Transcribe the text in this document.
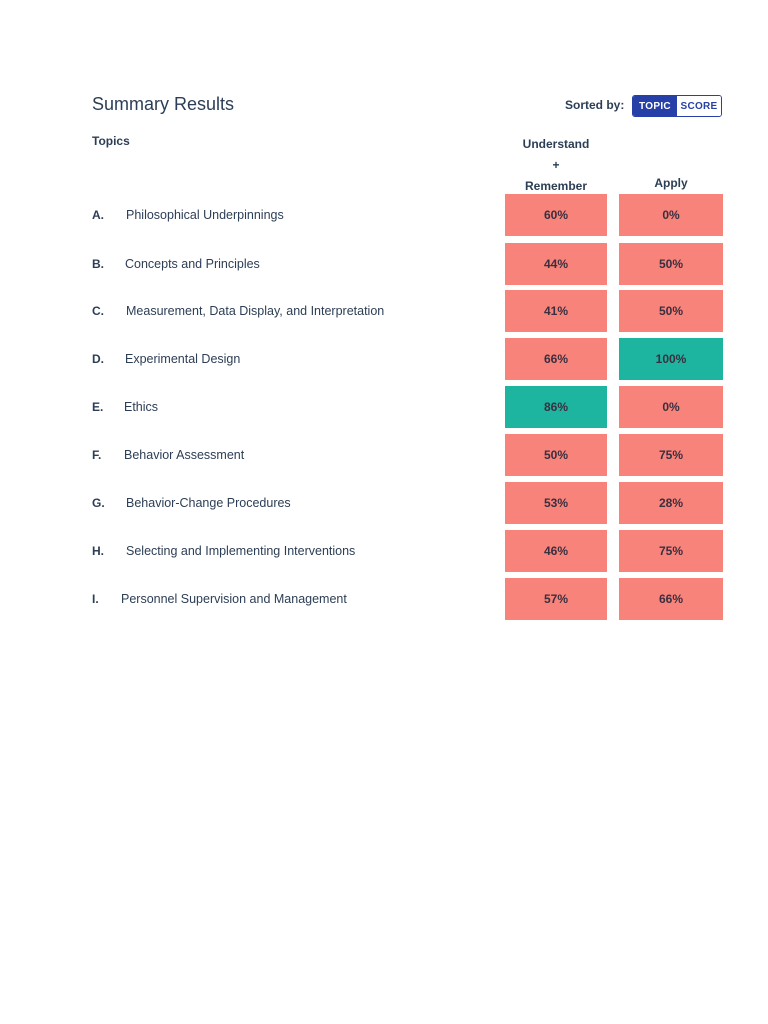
Summary Results	Sorted by:	TOPIC SCORE
Topics	Understand
+
Remember	Apply
A. Philosophical Underpinnings	60%	0%
B. Concepts and Principles	44%	50%
C. Measurement, Data Display, and Interpretation	41%	50%
D. Experimental Design	66%	100%
E. Ethics	86%	0%
F. Behavior Assessment	50%	75%
G. Behavior-Change Procedures	53%	28%
H. Selecting and Implementing Interventions	46%	75%
I. Personnel Supervision and Management	57%	66%
